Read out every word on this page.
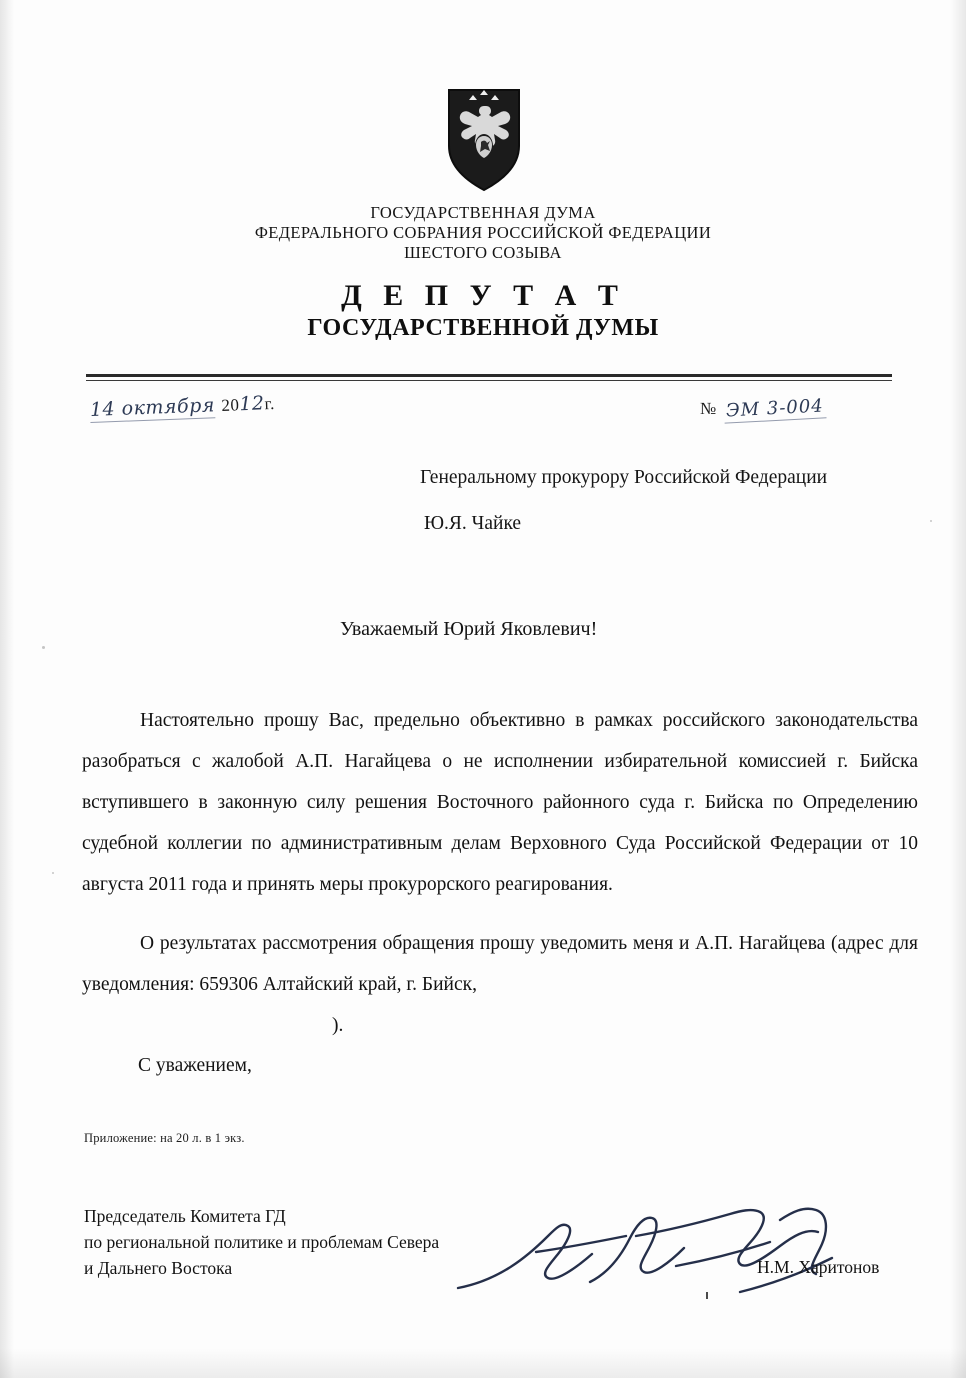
ГОСУДАРСТВЕННАЯ ДУМА
ФЕДЕРАЛЬНОГО СОБРАНИЯ РОССИЙСКОЙ ФЕДЕРАЦИИ
ШЕСТОГО СОЗЫВА
Д Е П У Т А Т
ГОСУДАРСТВЕННОЙ ДУМЫ
14 октября 2012г.	№ ЭМ 3-004
Генеральному прокурору Российской Федерации
Ю.Я. Чайке
Уважаемый Юрий Яковлевич!

Настоятельно прошу Вас, предельно объективно в рамках российского законодательства разобраться с жалобой А.П. Нагайцева о не исполнении избирательной комиссией г. Бийска вступившего в законную силу решения Восточного районного суда г. Бийска по Определению судебной коллегии по административным делам Верховного Суда Российской Федерации от 10 августа 2011 года и принять меры прокурорского реагирования.

О результатах рассмотрения обращения прошу уведомить меня и А.П. Нагайцева (адрес для уведомления: 659306 Алтайский край, г. Бийск,
).

С уважением,
Приложение: на 20 л. в 1 экз.
Председатель Комитета ГД
по региональной политике и проблемам Севера
и Дальнего Востока	Н.М. Харитонов
